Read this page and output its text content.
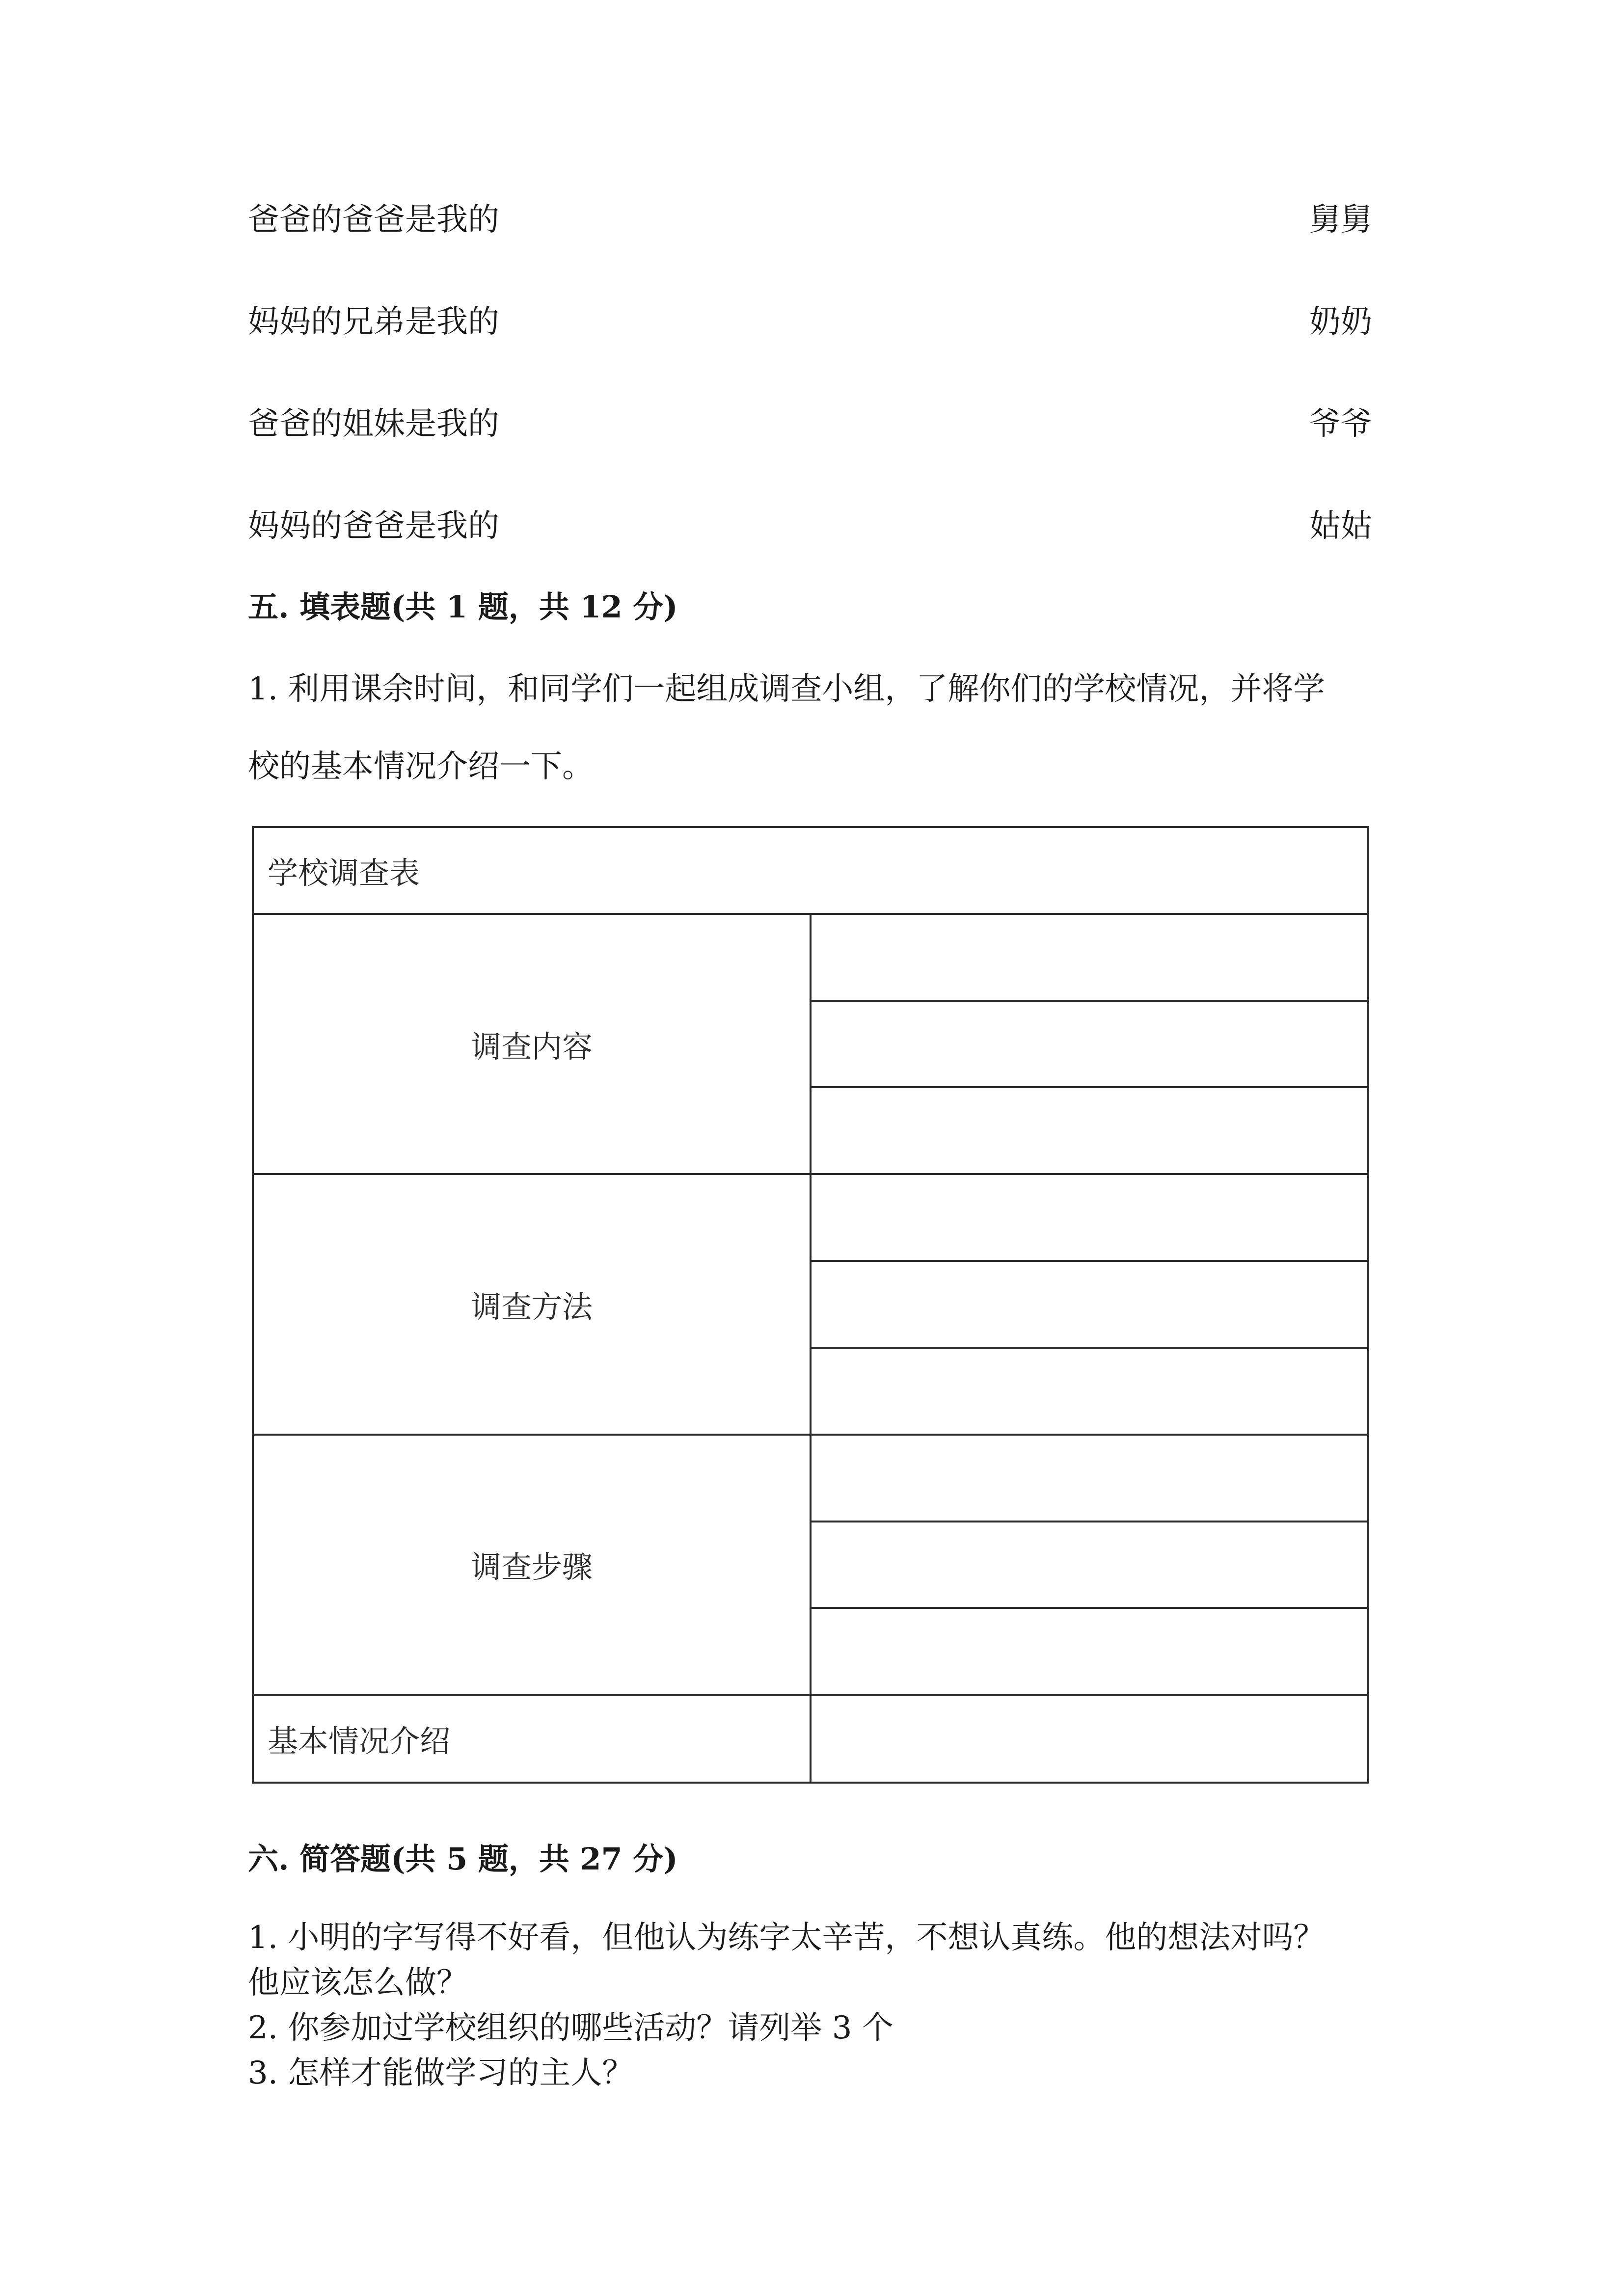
爸爸的爸爸是我的	舅舅
妈妈的兄弟是我的	奶奶
爸爸的姐妹是我的	爷爷
妈妈的爸爸是我的	姑姑
五. 填表题(共 1 题，共 12 分)
1. 利用课余时间，和同学们一起组成调查小组，了解你们的学校情况，并将学
校的基本情况介绍一下。
学校调查表	
调查内容	

调查方法	

调查步骤	

基本情况介绍	
六. 简答题(共 5 题，共 27 分)
1. 小明的字写得不好看，但他认为练字太辛苦，不想认真练。他的想法对吗？
他应该怎么做？
2. 你参加过学校组织的哪些活动？请列举 3 个
3. 怎样才能做学习的主人？
